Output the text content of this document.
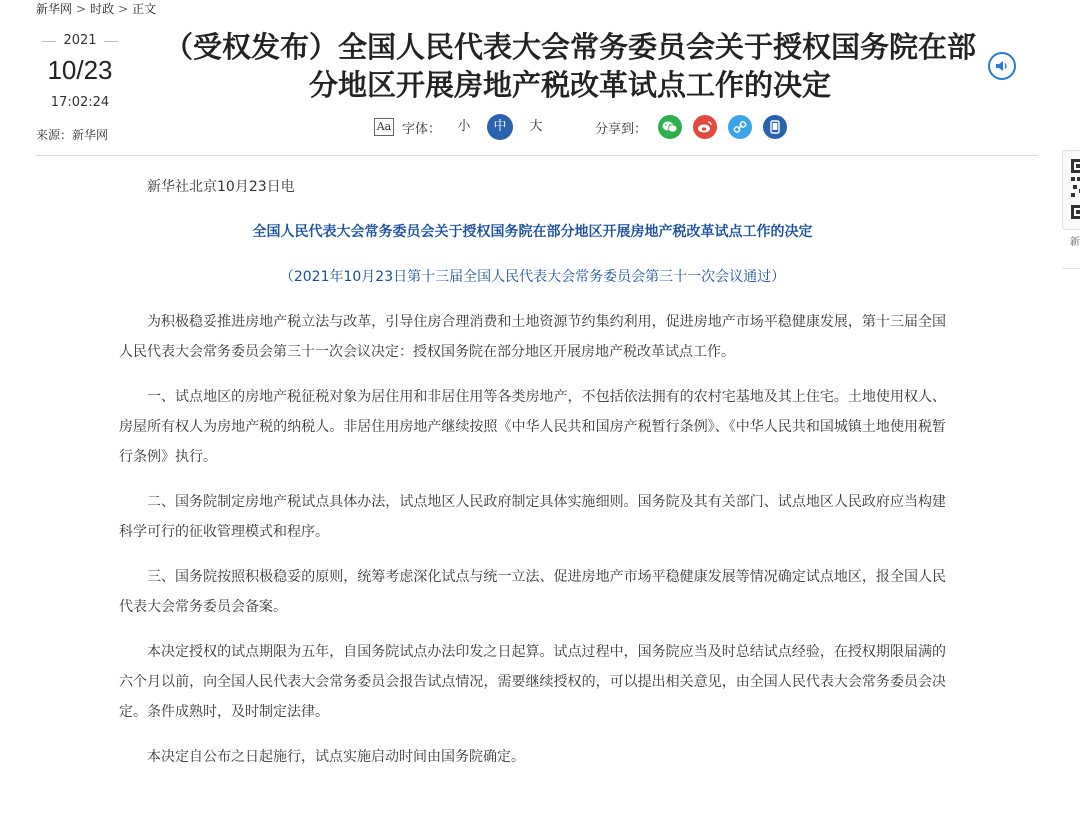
新华网 > 时政 > 正文
2021
10/23
17:02:24
来源：新华网
（受权发布）全国人民代表大会常务委员会关于授权国务院在部分地区开展房地产税改革试点工作的决定
Aa 字体：	小	中	大	分享到：
新

新华社北京10月23日电

全国人民代表大会常务委员会关于授权国务院在部分地区开展房地产税改革试点工作的决定

（2021年10月23日第十三届全国人民代表大会常务委员会第三十一次会议通过）

为积极稳妥推进房地产税立法与改革，引导住房合理消费和土地资源节约集约利用，促进房地产市场平稳健康发展，第十三届全国人民代表大会常务委员会第三十一次会议决定：授权国务院在部分地区开展房地产税改革试点工作。

一、试点地区的房地产税征税对象为居住用和非居住用等各类房地产，不包括依法拥有的农村宅基地及其上住宅。土地使用权人、房屋所有权人为房地产税的纳税人。非居住用房地产继续按照《中华人民共和国房产税暂行条例》、《中华人民共和国城镇土地使用税暂行条例》执行。

二、国务院制定房地产税试点具体办法，试点地区人民政府制定具体实施细则。国务院及其有关部门、试点地区人民政府应当构建科学可行的征收管理模式和程序。

三、国务院按照积极稳妥的原则，统筹考虑深化试点与统一立法、促进房地产市场平稳健康发展等情况确定试点地区，报全国人民代表大会常务委员会备案。

本决定授权的试点期限为五年，自国务院试点办法印发之日起算。试点过程中，国务院应当及时总结试点经验，在授权期限届满的六个月以前，向全国人民代表大会常务委员会报告试点情况，需要继续授权的，可以提出相关意见，由全国人民代表大会常务委员会决定。条件成熟时，及时制定法律。

本决定自公布之日起施行，试点实施启动时间由国务院确定。
